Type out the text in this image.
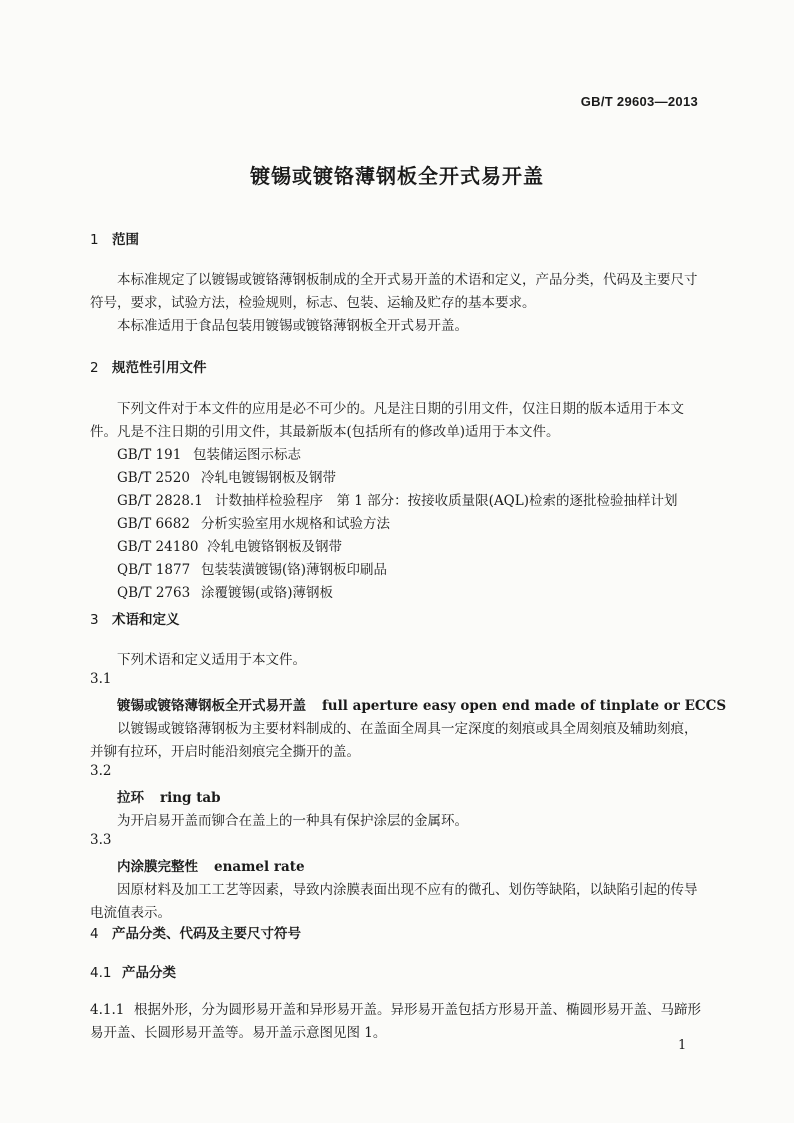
GB/T 29603—2013
镀锡或镀铬薄钢板全开式易开盖
1 范围
本标准规定了以镀锡或镀铬薄钢板制成的全开式易开盖的术语和定义，产品分类，代码及主要尺寸
符号，要求，试验方法，检验规则，标志、包装、运输及贮存的基本要求。
本标准适用于食品包装用镀锡或镀铬薄钢板全开式易开盖。
2 规范性引用文件
下列文件对于本文件的应用是必不可少的。凡是注日期的引用文件，仅注日期的版本适用于本文
件。凡是不注日期的引用文件，其最新版本(包括所有的修改单)适用于本文件。
GB/T 191 包装储运图示标志
GB/T 2520 冷轧电镀锡钢板及钢带
GB/T 2828.1 计数抽样检验程序　第 1 部分：按接收质量限(AQL)检索的逐批检验抽样计划
GB/T 6682 分析实验室用水规格和试验方法
GB/T 24180 冷轧电镀铬钢板及钢带
QB/T 1877 包装装潢镀锡(铬)薄钢板印刷品
QB/T 2763 涂覆镀锡(或铬)薄钢板
3 术语和定义
下列术语和定义适用于本文件。
3.1
镀锡或镀铬薄钢板全开式易开盖 full aperture easy open end made of tinplate or ECCS
以镀锡或镀铬薄钢板为主要材料制成的、在盖面全周具一定深度的刻痕或具全周刻痕及辅助刻痕，
并铆有拉环，开启时能沿刻痕完全撕开的盖。
3.2
拉环 ring tab
为开启易开盖而铆合在盖上的一种具有保护涂层的金属环。
3.3
内涂膜完整性 enamel rate
因原材料及加工工艺等因素，导致内涂膜表面出现不应有的微孔、划伤等缺陷，以缺陷引起的传导
电流值表示。
4 产品分类、代码及主要尺寸符号
4.1 产品分类
4.1.1 根据外形，分为圆形易开盖和异形易开盖。异形易开盖包括方形易开盖、椭圆形易开盖、马蹄形
易开盖、长圆形易开盖等。易开盖示意图见图 1。
1
